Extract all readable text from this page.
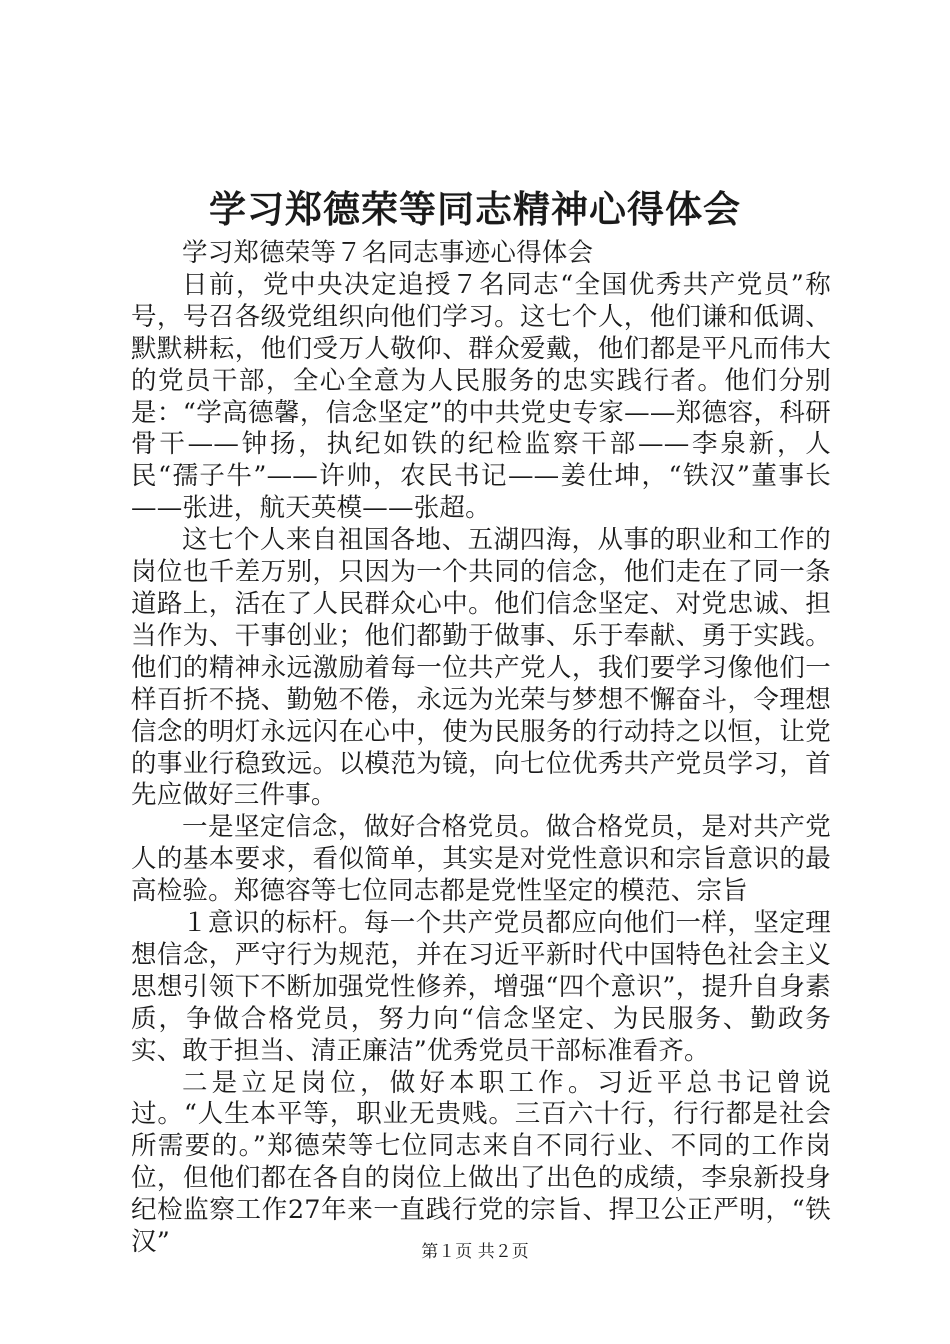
学习郑德荣等同志精神心得体会

学习郑德荣等７名同志事迹心得体会

日前，党中央决定追授７名同志“全国优秀共产党员”称号，号召各级党组织向他们学习。这七个人，他们谦和低调、默默耕耘，他们受万人敬仰、群众爱戴，他们都是平凡而伟大的党员干部，全心全意为人民服务的忠实践行者。他们分别是：“学高德馨，信念坚定”的中共党史专家——郑德容，科研骨干——钟扬，执纪如铁的纪检监察干部——李泉新，人民“孺子牛”——许帅，农民书记——姜仕坤，“铁汉”董事长——张进，航天英模——张超。

这七个人来自祖国各地、五湖四海，从事的职业和工作的岗位也千差万别，只因为一个共同的信念，他们走在了同一条道路上，活在了人民群众心中。他们信念坚定、对党忠诚、担当作为、干事创业；他们都勤于做事、乐于奉献、勇于实践。他们的精神永远激励着每一位共产党人，我们要学习像他们一样百折不挠、勤勉不倦，永远为光荣与梦想不懈奋斗，令理想信念的明灯永远闪在心中，使为民服务的行动持之以恒，让党的事业行稳致远。以模范为镜，向七位优秀共产党员学习，首先应做好三件事。

一是坚定信念，做好合格党员。做合格党员，是对共产党人的基本要求，看似简单，其实是对党性意识和宗旨意识的最高检验。郑德容等七位同志都是党性坚定的模范、宗旨

１意识的标杆。每一个共产党员都应向他们一样，坚定理想信念，严守行为规范，并在习近平新时代中国特色社会主义思想引领下不断加强党性修养，增强“四个意识”，提升自身素质，争做合格党员，努力向“信念坚定、为民服务、勤政务实、敢于担当、清正廉洁”优秀党员干部标准看齐。

二是立足岗位，做好本职工作。习近平总书记曾说过。“人生本平等，职业无贵贱。三百六十行，行行都是社会所需要的。”郑德荣等七位同志来自不同行业、不同的工作岗位，但他们都在各自的岗位上做出了出色的成绩，李泉新投身纪检监察工作27年来一直践行党的宗旨、捍卫公正严明，“铁汉”	第１页 共２页
